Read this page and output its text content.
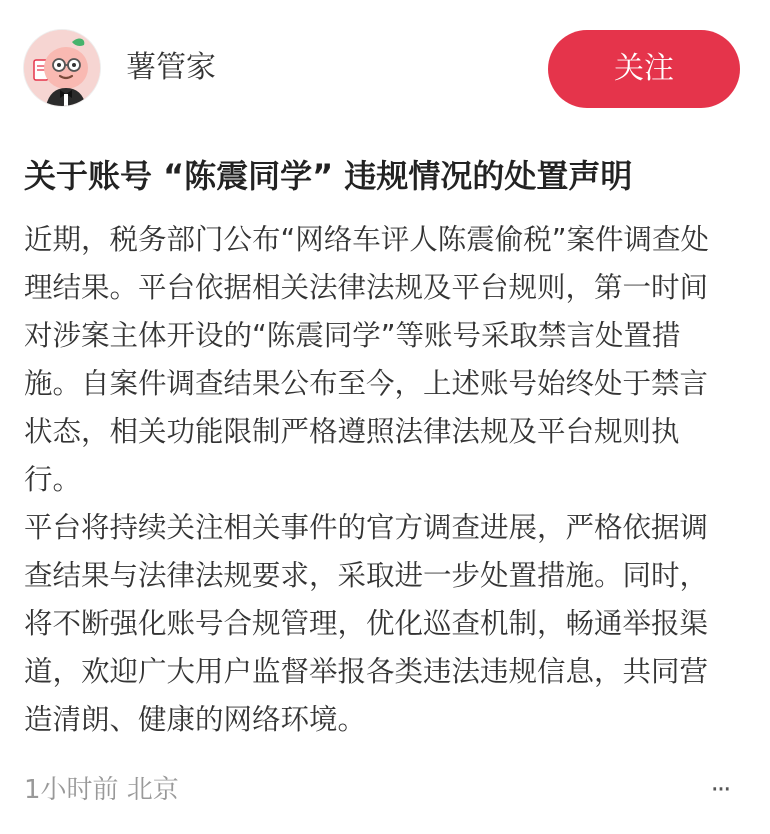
薯管家	关注
关于账号 “陈震同学” 违规情况的处置声明

近期，税务部门公布“网络车评人陈震偷税”案件调查处理结果。平台依据相关法律法规及平台规则，第一时间对涉案主体开设的“陈震同学”等账号采取禁言处置措施。自案件调查结果公布至今，上述账号始终处于禁言状态，相关功能限制严格遵照法律法规及平台规则执行。

平台将持续关注相关事件的官方调查进展，严格依据调查结果与法律法规要求，采取进一步处置措施。同时，将不断强化账号合规管理，优化巡查机制，畅通举报渠道，欢迎广大用户监督举报各类违法违规信息，共同营造清朗、健康的网络环境。

1小时前 北京	···
